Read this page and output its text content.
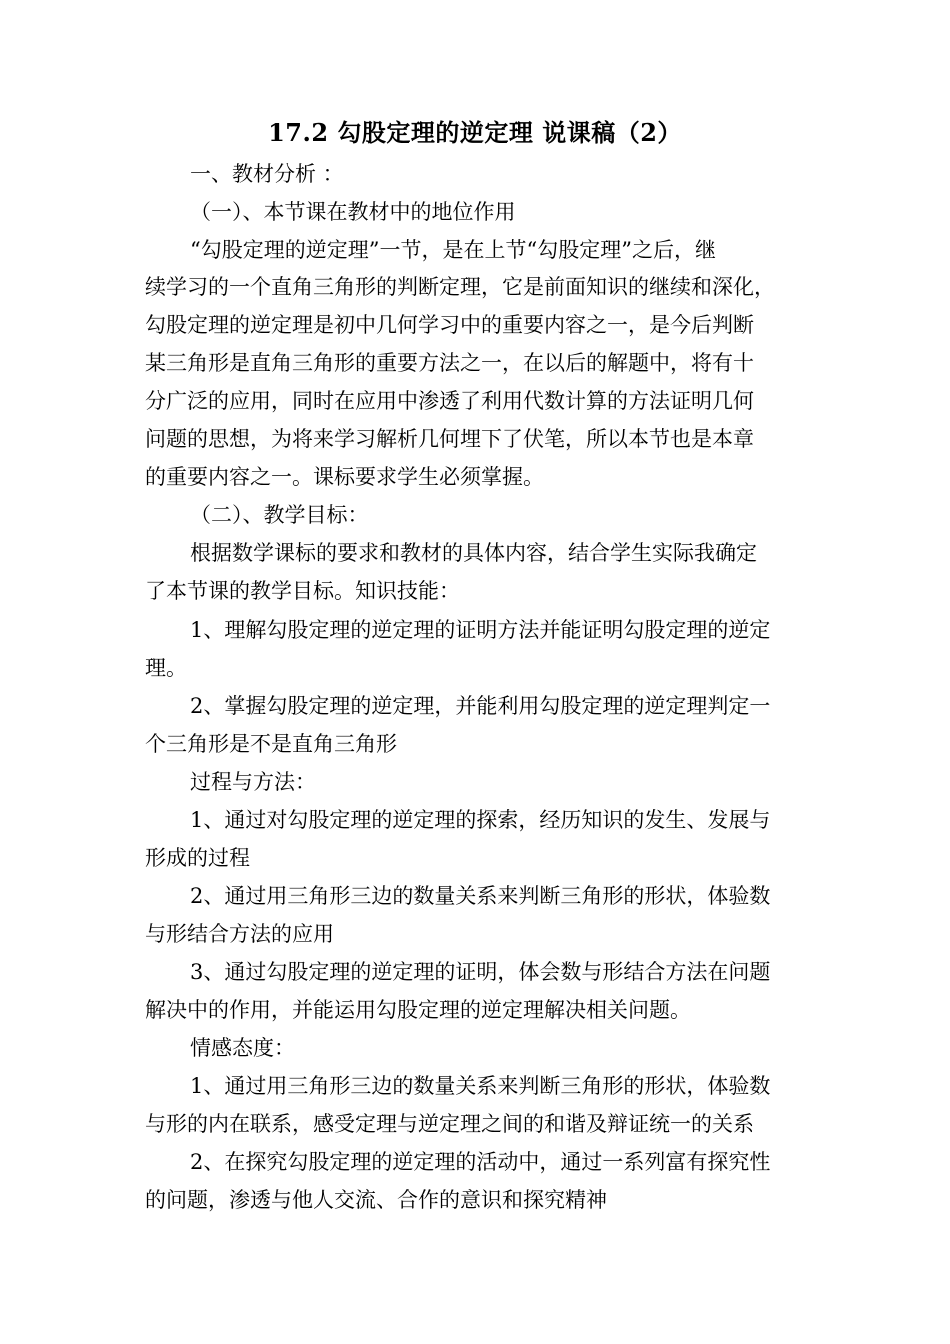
17.2 勾股定理的逆定理 说课稿（2）
一、教材分析 ：
（一）、本节课在教材中的地位作用
“勾股定理的逆定理”一节，是在上节“勾股定理”之后，继
续学习的一个直角三角形的判断定理，它是前面知识的继续和深化，
勾股定理的逆定理是初中几何学习中的重要内容之一，是今后判断
某三角形是直角三角形的重要方法之一，在以后的解题中，将有十
分广泛的应用，同时在应用中渗透了利用代数计算的方法证明几何
问题的思想，为将来学习解析几何埋下了伏笔，所以本节也是本章
的重要内容之一。课标要求学生必须掌握。
（二）、教学目标：
根据数学课标的要求和教材的具体内容，结合学生实际我确定
了本节课的教学目标。知识技能：
1、理解勾股定理的逆定理的证明方法并能证明勾股定理的逆定
理。
2、掌握勾股定理的逆定理，并能利用勾股定理的逆定理判定一
个三角形是不是直角三角形
过程与方法：
1、通过对勾股定理的逆定理的探索，经历知识的发生、发展与
形成的过程
2、通过用三角形三边的数量关系来判断三角形的形状，体验数
与形结合方法的应用
3、通过勾股定理的逆定理的证明，体会数与形结合方法在问题
解决中的作用，并能运用勾股定理的逆定理解决相关问题。
情感态度：
1、通过用三角形三边的数量关系来判断三角形的形状，体验数
与形的内在联系，感受定理与逆定理之间的和谐及辩证统一的关系
2、在探究勾股定理的逆定理的活动中，通过一系列富有探究性
的问题，渗透与他人交流、合作的意识和探究精神
